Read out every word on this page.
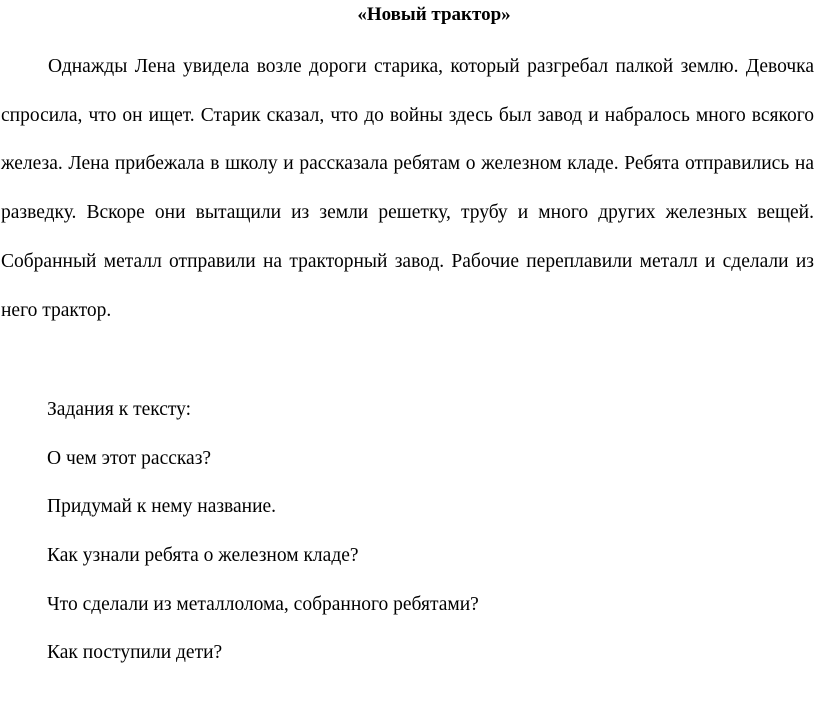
«Новый трактор»

Однажды Лена увидела возле дороги старика, который разгребал палкой землю. Девочка спросила, что он ищет. Старик сказал, что до войны здесь был завод и набралось много всякого железа. Лена прибежала в школу и рассказала ребятам о железном кладе. Ребята отправились на разведку. Вскоре они вытащили из земли решетку, трубу и много других железных вещей. Собранный металл отправили на тракторный завод. Рабочие переплавили металл и сделали из него трактор.

Задания к тексту:
О чем этот рассказ?
Придумай к нему название.
Как узнали ребята о железном кладе?
Что сделали из металлолома, собранного ребятами?
Как поступили дети?
